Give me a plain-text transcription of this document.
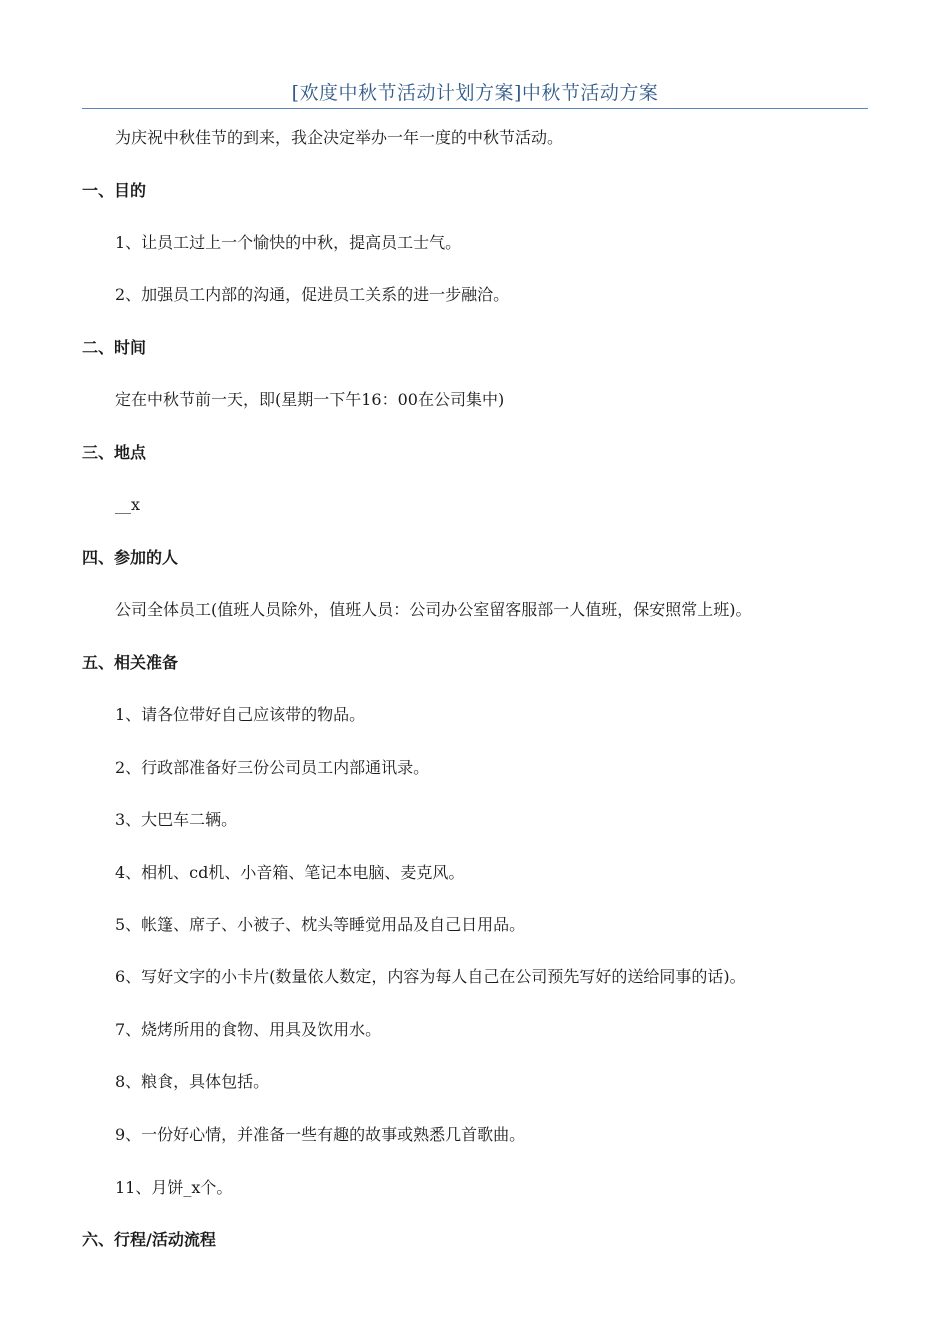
[欢度中秋节活动计划方案]中秋节活动方案
为庆祝中秋佳节的到来，我企决定举办一年一度的中秋节活动。
一、目的
1、让员工过上一个愉快的中秋，提高员工士气。
2、加强员工内部的沟通，促进员工关系的进一步融洽。
二、时间
定在中秋节前一天，即(星期一下午16：00在公司集中)
三、地点
__x
四、参加的人
公司全体员工(值班人员除外，值班人员：公司办公室留客服部一人值班，保安照常上班)。
五、相关准备
1、请各位带好自己应该带的物品。
2、行政部准备好三份公司员工内部通讯录。
3、大巴车二辆。
4、相机、cd机、小音箱、笔记本电脑、麦克风。
5、帐篷、席子、小被子、枕头等睡觉用品及自己日用品。
6、写好文字的小卡片(数量依人数定，内容为每人自己在公司预先写好的送给同事的话)。
7、烧烤所用的食物、用具及饮用水。
8、粮食，具体包括。
9、一份好心情，并准备一些有趣的故事或熟悉几首歌曲。
11、月饼_x个。
六、行程/活动流程
